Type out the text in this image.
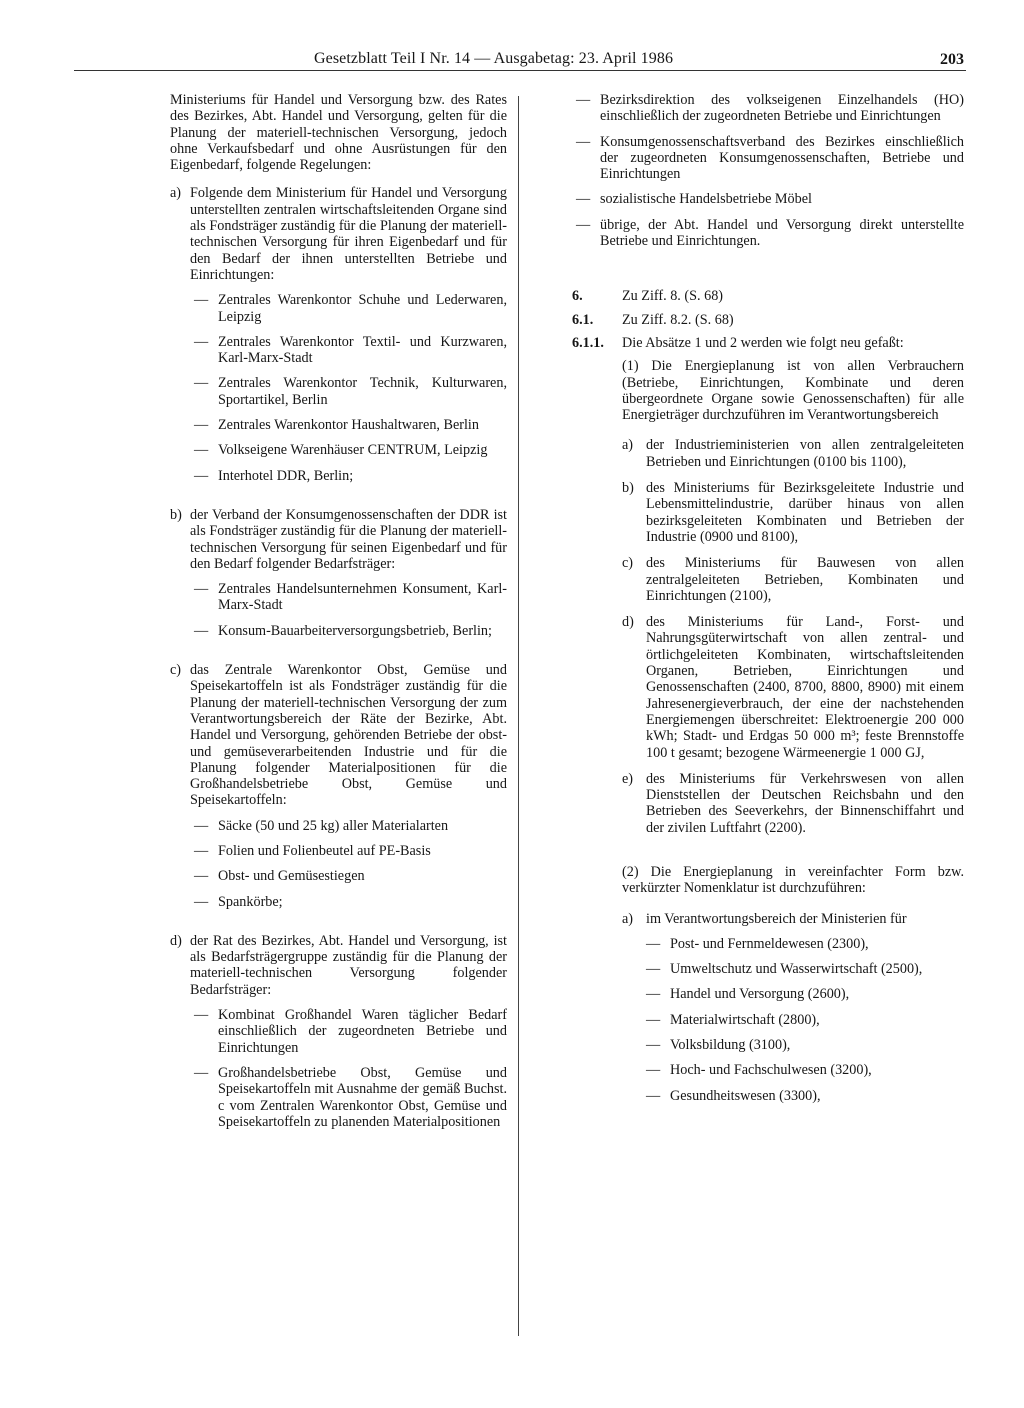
Gesetzblatt Teil I Nr. 14 — Ausgabetag: 23. April 1986	203

Ministeriums für Handel und Versorgung bzw. des Rates des Bezirkes, Abt. Handel und Versorgung, gelten für die Planung der materiell-technischen Versorgung, jedoch ohne Verkaufsbedarf und ohne Ausrüstungen für den Eigenbedarf, folgende Regelungen:

a) Folgende dem Ministerium für Handel und Versorgung unterstellten zentralen wirtschaftsleitenden Organe sind als Fondsträger zuständig für die Planung der materiell-technischen Versorgung für ihren Eigenbedarf und für den Bedarf der ihnen unterstellten Betriebe und Einrichtungen:

— Zentrales Warenkontor Schuhe und Lederwaren, Leipzig
— Zentrales Warenkontor Textil- und Kurzwaren, Karl-Marx-Stadt
— Zentrales Warenkontor Technik, Kulturwaren, Sportartikel, Berlin
— Zentrales Warenkontor Haushaltwaren, Berlin
— Volkseigene Warenhäuser CENTRUM, Leipzig
— Interhotel DDR, Berlin;
b) der Verband der Konsumgenossenschaften der DDR ist als Fondsträger zuständig für die Planung der materiell-technischen Versorgung für seinen Eigenbedarf und für den Bedarf folgender Bedarfsträger:

— Zentrales Handelsunternehmen Konsument, Karl-Marx-Stadt
— Konsum-Bauarbeiterversorgungsbetrieb, Berlin;
c) das Zentrale Warenkontor Obst, Gemüse und Speisekartoffeln ist als Fondsträger zuständig für die Planung der materiell-technischen Versorgung der zum Verantwortungsbereich der Räte der Bezirke, Abt. Handel und Versorgung, gehörenden Betriebe der obst- und gemüseverarbeitenden Industrie und für die Planung folgender Materialpositionen für die Großhandelsbetriebe Obst, Gemüse und Speisekartoffeln:

— Säcke (50 und 25 kg) aller Materialarten
— Folien und Folienbeutel auf PE-Basis
— Obst- und Gemüsestiegen
— Spankörbe;
d) der Rat des Bezirkes, Abt. Handel und Versorgung, ist als Bedarfsträgergruppe zuständig für die Planung der materiell-technischen Versorgung folgender Bedarfsträger:

— Kombinat Großhandel Waren täglicher Bedarf einschließlich der zugeordneten Betriebe und Einrichtungen
— Großhandelsbetriebe Obst, Gemüse und Speisekartoffeln mit Ausnahme der gemäß Buchst. c vom Zentralen Warenkontor Obst, Gemüse und Speisekartoffeln zu planenden Materialpositionen
— Bezirksdirektion des volkseigenen Einzelhandels (HO) einschließlich der zugeordneten Betriebe und Einrichtungen
— Konsumgenossenschaftsverband des Bezirkes einschließlich der zugeordneten Konsumgenossenschaften, Betriebe und Einrichtungen
— sozialistische Handelsbetriebe Möbel
— übrige, der Abt. Handel und Versorgung direkt unterstellte Betriebe und Einrichtungen.
6.	Zu Ziff. 8. (S. 68)
6.1.	Zu Ziff. 8.2. (S. 68)
6.1.1.	Die Absätze 1 und 2 werden wie folgt neu gefaßt:

(1) Die Energieplanung ist von allen Verbrauchern (Betriebe, Einrichtungen, Kombinate und deren übergeordnete Organe sowie Genossenschaften) für alle Energieträger durchzuführen im Verantwortungsbereich

a) der Industrieministerien von allen zentralgeleiteten Betrieben und Einrichtungen (0100 bis 1100),

b) des Ministeriums für Bezirksgeleitete Industrie und Lebensmittelindustrie, darüber hinaus von allen bezirksgeleiteten Kombinaten und Betrieben der Industrie (0900 und 8100),

c) des Ministeriums für Bauwesen von allen zentralgeleiteten Betrieben, Kombinaten und Einrichtungen (2100),

d) des Ministeriums für Land-, Forst- und Nahrungsgüterwirtschaft von allen zentral- und örtlichgeleiteten Kombinaten, wirtschaftsleitenden Organen, Betrieben, Einrichtungen und Genossenschaften (2400, 8700, 8800, 8900) mit einem Jahresenergieverbrauch, der eine der nachstehenden Energiemengen überschreitet: Elektroenergie 200 000 kWh; Stadt- und Erdgas 50 000 m³; feste Brennstoffe 100 t gesamt; bezogene Wärmeenergie 1 000 GJ,

e) des Ministeriums für Verkehrswesen von allen Dienststellen der Deutschen Reichsbahn und den Betrieben des Seeverkehrs, der Binnenschiffahrt und der zivilen Luftfahrt (2200).

(2) Die Energieplanung in vereinfachter Form bzw. verkürzter Nomenklatur ist durchzuführen:

a) im Verantwortungsbereich der Ministerien für

— Post- und Fernmeldewesen (2300),
— Umweltschutz und Wasserwirtschaft (2500),
— Handel und Versorgung (2600),
— Materialwirtschaft (2800),
— Volksbildung (3100),
— Hoch- und Fachschulwesen (3200),
— Gesundheitswesen (3300),
